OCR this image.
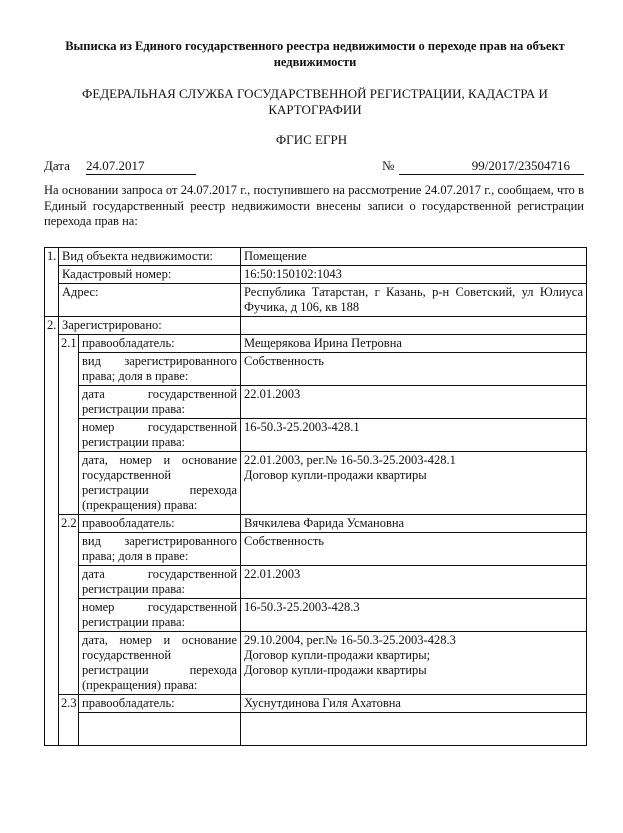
Выписка из Единого государственного реестра недвижимости о переходе прав на объект недвижимости
ФЕДЕРАЛЬНАЯ СЛУЖБА ГОСУДАРСТВЕННОЙ РЕГИСТРАЦИИ, КАДАСТРА И КАРТОГРАФИИ
ФГИС ЕГРН
Дата 24.07.2017	№	99/2017/23504716
На основании запроса от 24.07.2017 г., поступившего на рассмотрение 24.07.2017 г., сообщаем, что в Единый государственный реестр недвижимости внесены записи о государственной регистрации перехода прав на:
1.	Вид объекта недвижимости:		Помещение
	Кадастровый номер:		16:50:150102:1043
	Адрес:		Республика Татарстан, г Казань, р-н Советский, ул Юлиуса Фучика, д 106, кв 188
2.	Зарегистрировано:		
	2.1	правообладатель:	Мещерякова Ирина Петровна
		вид зарегистрированного права; доля в праве:	Собственность
		дата государственной регистрации права:	22.01.2003
		номер государственной регистрации права:	16-50.3-25.2003-428.1
		дата, номер и основание государственной регистрации перехода (прекращения) права:	22.01.2003, рег.№ 16-50.3-25.2003-428.1
Договор купли-продажи квартиры

	2.2	правообладатель:	Вячкилева Фарида Усмановна
		вид зарегистрированного права; доля в праве:	Собственность
		дата государственной регистрации права:	22.01.2003
		номер государственной регистрации права:	16-50.3-25.2003-428.3
		дата, номер и основание государственной регистрации перехода (прекращения) права:	29.10.2004, рег.№ 16-50.3-25.2003-428.3
Договор купли-продажи квартиры;
Договор купли-продажи квартиры

	2.3	правообладатель:	Хуснутдинова Гиля Ахатовна
